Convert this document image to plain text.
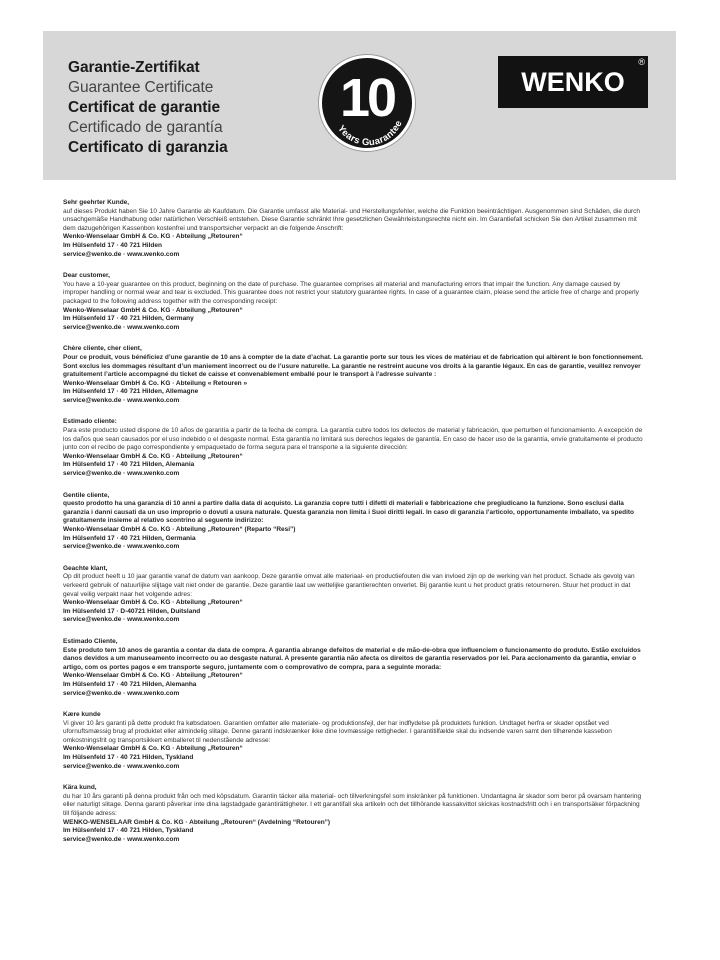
Garantie-Zertifikat
Guarantee Certificate
Certificat de garantie
Certificado de garantía
Certificato di garanzia
10
Years Guarantee
WENKO
®

Sehr geehrter Kunde,

auf dieses Produkt haben Sie 10 Jahre Garantie ab Kaufdatum. Die Garantie umfasst alle Material- und Herstellungsfehler, welche die Funktion beeinträchtigen. Ausgenommen sind Schäden, die durch unsachgemäße Handhabung oder natürlichen Verschleiß entstehen. Diese Garantie schränkt Ihre gesetzlichen Gewährleistungsrechte nicht ein. Im Garantiefall schicken Sie den Artikel zusammen mit dem dazugehörigen Kassenbon kostenfrei und transportsicher verpackt an die folgende Anschrift:

Wenko-Wenselaar GmbH & Co. KG · Abteilung „Retouren“

Im Hülsenfeld 17 · 40 721 Hilden

service@wenko.de · www.wenko.com

Dear customer,

You have a 10-year guarantee on this product, beginning on the date of purchase. The guarantee comprises all material and manufacturing errors that impair the function. Any damage caused by improper handling or normal wear and tear is excluded. This guarantee does not restrict your statutory guarantee rights. In case of a guarantee claim, please send the article free of charge and properly packaged to the following address together with the corresponding receipt:

Wenko-Wenselaar GmbH & Co. KG · Abteilung „Retouren“

Im Hülsenfeld 17 · 40 721 Hilden, Germany

service@wenko.de · www.wenko.com

Chère cliente, cher client,

Pour ce produit, vous bénéficiez d’une garantie de 10 ans à compter de la date d’achat. La garantie porte sur tous les vices de matériau et de fabrication qui altèrent le bon fonctionnement. Sont exclus les dommages résultant d’un maniement incorrect ou de l’usure naturelle. La garantie ne restreint aucune vos droits à la garantie légaux. En cas de garantie, veuillez renvoyer gratuitement l’article accompagné du ticket de caisse et convenablement emballé pour le transport à l’adresse suivante :

Wenko-Wenselaar GmbH & Co. KG · Abteilung « Retouren »

Im Hülsenfeld 17 · 40 721 Hilden, Allemagne

service@wenko.de · www.wenko.com

Estimado cliente:

Para este producto usted dispone de 10 años de garantía a partir de la fecha de compra. La garantía cubre todos los defectos de material y fabricación, que perturben el funcionamiento. A excepción de los daños que sean causados por el uso indebido o el desgaste normal. Esta garantía no limitará sus derechos legales de garantía. En caso de hacer uso de la garantía, envíe gratuitamente el producto junto con el recibo de pago correspondiente y empaquetado de forma segura para el transporte a la siguiente dirección:

Wenko-Wenselaar GmbH & Co. KG · Abteilung „Retouren“

Im Hülsenfeld 17 · 40 721 Hilden, Alemania

service@wenko.de · www.wenko.com

Gentile cliente,

questo prodotto ha una garanzia di 10 anni a partire dalla data di acquisto. La garanzia copre tutti i difetti di materiali e fabbricazione che pregiudicano la funzione. Sono esclusi dalla garanzia i danni causati da un uso improprio o dovuti a usura naturale. Questa garanzia non limita i Suoi diritti legali. In caso di garanzia l’articolo, opportunamente imballato, va spedito gratuitamente insieme al relativo scontrino al seguente indirizzo:

Wenko-Wenselaar GmbH & Co. KG · Abteilung „Retouren“ (Reparto “Resi”)

Im Hülsenfeld 17 · 40 721 Hilden, Germania

service@wenko.de · www.wenko.com

Geachte klant,

Op dit product heeft u 10 jaar garantie vanaf de datum van aankoop. Deze garantie omvat alle materiaal- en productiefouten die van invloed zijn op de werking van het product. Schade als gevolg van verkeerd gebruik of natuurlijke slijtage valt niet onder de garantie. Deze garantie laat uw wettelijke garantierechten onverlet. Bij garantie kunt u het product gratis retourneren. Stuur het product in dat geval veilig verpakt naar het volgende adres:

Wenko-Wenselaar GmbH & Co. KG · Abteilung „Retouren“

Im Hülsenfeld 17 · D-40721 Hilden, Duitsland

service@wenko.de · www.wenko.com

Estimado Cliente,

Este produto tem 10 anos de garantia a contar da data de compra. A garantia abrange defeitos de material e de mão-de-obra que influenciem o funcionamento do produto. Estão excluídos danos devidos a um manuseamento incorrecto ou ao desgaste natural. A presente garantia não afecta os direitos de garantia reservados por lei. Para accionamento da garantia, enviar o artigo, com os portes pagos e em transporte seguro, juntamente com o comprovativo de compra, para a seguinte morada:

Wenko-Wenselaar GmbH & Co. KG · Abteilung „Retouren“

Im Hülsenfeld 17 · 40 721 Hilden, Alemanha

service@wenko.de · www.wenko.com

Kære kunde

Vi giver 10 års garanti på dette produkt fra købsdatoen. Garantien omfatter alle materiale- og produktionsfejl, der har indflydelse på produktets funktion. Undtaget herfra er skader opstået ved ufornuftsmæssig brug af produktet eller almindelig slitage. Denne garanti indskrænker ikke dine lovmæssige rettigheder. I garantitilfælde skal du indsende varen samt den tilhørende kassebon omkostningsfrit og transportsikkert emballeret til nedenstående adresse:

Wenko-Wenselaar GmbH & Co. KG · Abteilung „Retouren“

Im Hülsenfeld 17 · 40 721 Hilden, Tyskland

service@wenko.de · www.wenko.com

Kära kund,

du har 10 års garanti på denna produkt från och med köpsdatum. Garantin täcker alla material- och tillverkningsfel som inskränker på funktionen. Undantagna är skador som beror på ovarsam hantering eller naturligt slitage. Denna garanti påverkar inte dina lagstadgade garantirättigheter. I ett garantifall ska artikeln och det tillhörande kassakvittot skickas kostnadsfritt och i en transportsäker förpackning till följande adress:

WENKO-WENSELAAR GmbH & Co. KG · Abteilung „Retouren“ (Avdelning “Retouren”)

Im Hülsenfeld 17 · 40 721 Hilden, Tyskland

service@wenko.de · www.wenko.com
